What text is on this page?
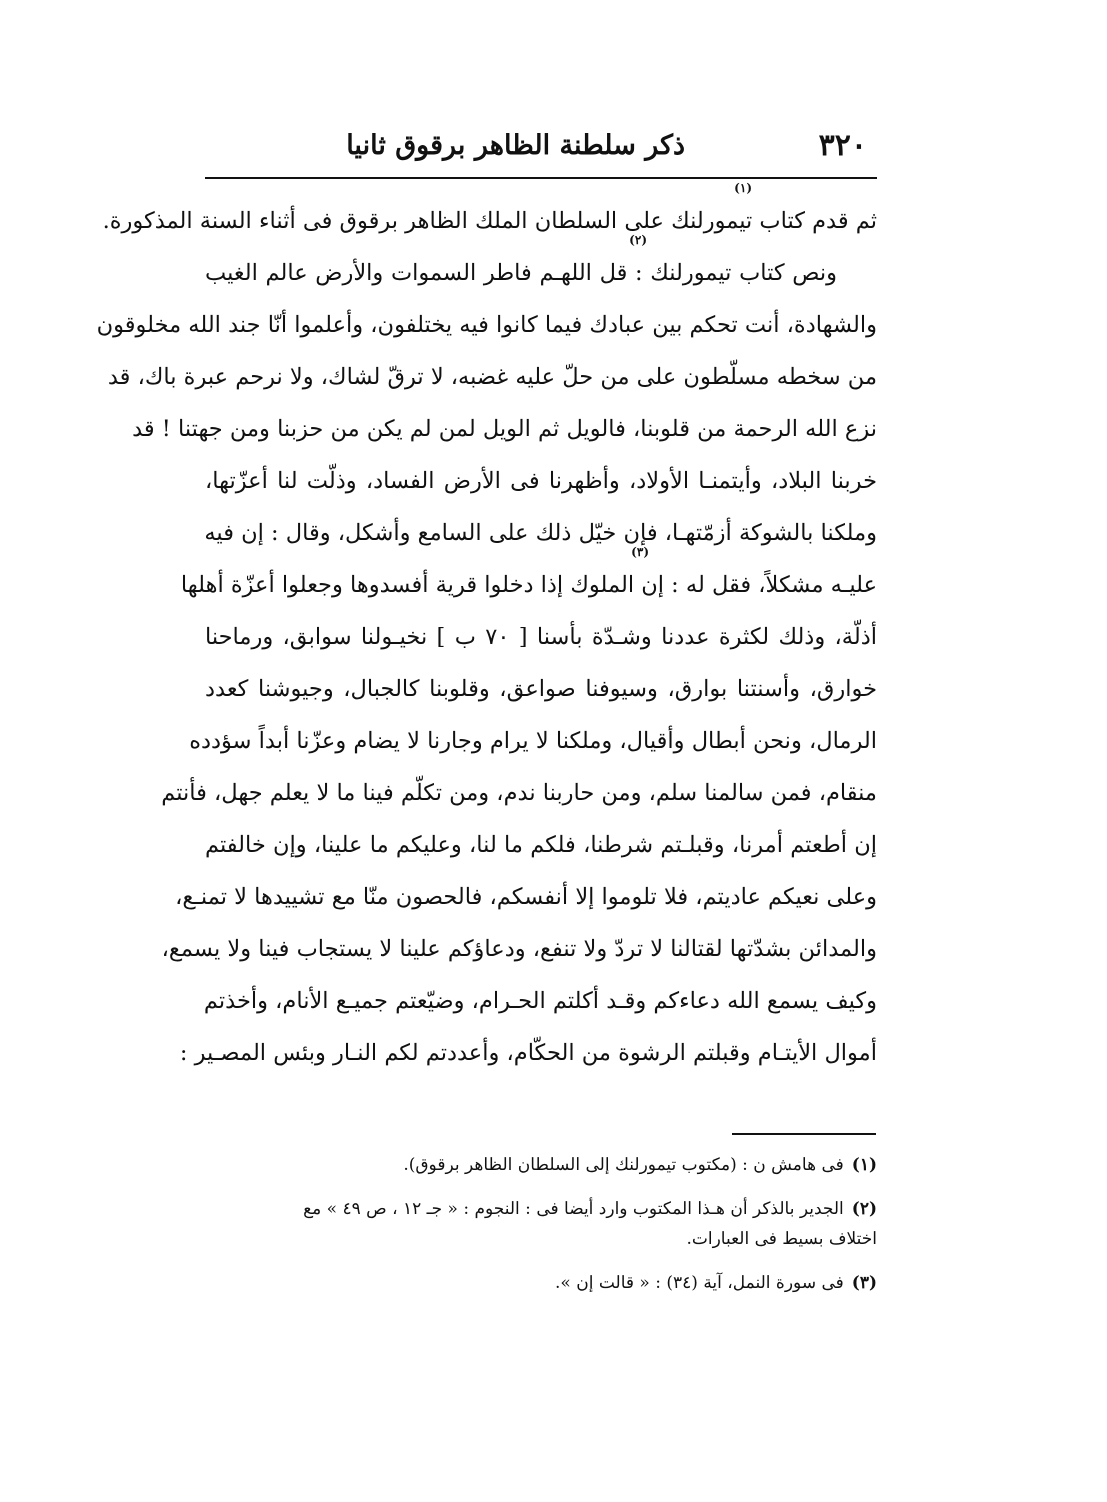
٣٢٠
ذكر سلطنة الظاهر برقوق ثانيا
(١)
ثم قدم كتاب تيمورلنك على السلطان الملك الظاهر برقوق فى أثناء السنة المذكورة.
(٢)
ونص كتاب تيمورلنك : قل اللهـم فاطر السموات والأرض عالم الغيب
والشهادة، أنت تحكم بين عبادك فيما كانوا فيه يختلفون، وأعلموا أنّا جند الله مخلوقون
من سخطه مسلّطون على من حلّ عليه غضبه، لا ترقّ لشاك، ولا نرحم عبرة باك، قد
نزع الله الرحمة من قلوبنا، فالويل ثم الويل لمن لم يكن من حزبنا ومن جهتنا ! قد
خربنا البلاد، وأيتمنـا الأولاد، وأظهرنا فى الأرض الفساد، وذلّت لنا أعزّتها،
وملكنا بالشوكة أزمّتهـا، فإن خيّل ذلك على السامع وأشكل، وقال : إن فيه
(٣)
عليـه مشكلاً، فقل له : إن الملوك إذا دخلوا قرية أفسدوها وجعلوا أعزّة أهلها
أذلّة، وذلك لكثرة عددنا وشـدّة بأسنا [ ٧٠ ب ] نخيـولنا سوابق، ورماحنا
خوارق، وأسنتنا بوارق، وسيوفنا صواعق، وقلوبنا كالجبال، وجيوشنا كعدد
الرمال، ونحن أبطال وأقيال، وملكنا لا يرام وجارنا لا يضام وعزّنا أبداً سؤدده
منقام، فمن سالمنا سلم، ومن حاربنا ندم، ومن تكلّم فينا ما لا يعلم جهل، فأنتم
إن أطعتم أمرنا، وقبلـتم شرطنا، فلكم ما لنا، وعليكم ما علينا، وإن خالفتم
وعلى نعيكم عاديتم، فلا تلوموا إلا أنفسكم، فالحصون منّا مع تشييدها لا تمنـع،
والمدائن بشدّتها لقتالنا لا تردّ ولا تنفع، ودعاؤكم علينا لا يستجاب فينا ولا يسمع،
وكيف يسمع الله دعاءكم وقـد أكلتم الحـرام، وضيّعتم جميـع الأنام، وأخذتم
أموال الأيتـام وقبلتم الرشوة من الحكّام، وأعددتم لكم النـار وبئس المصـير :
(١)فى هامش ن : (مكتوب تيمورلنك إلى السلطان الظاهر برقوق).
(٢)الجدير بالذكر أن هـذا المكتوب وارد أيضا فى : النجوم : « جـ ١٢ ، ص ٤٩ » مع
اختلاف بسيط فى العبارات.
(٣)فى سورة النمل، آية (٣٤) : « قالت إن ».
